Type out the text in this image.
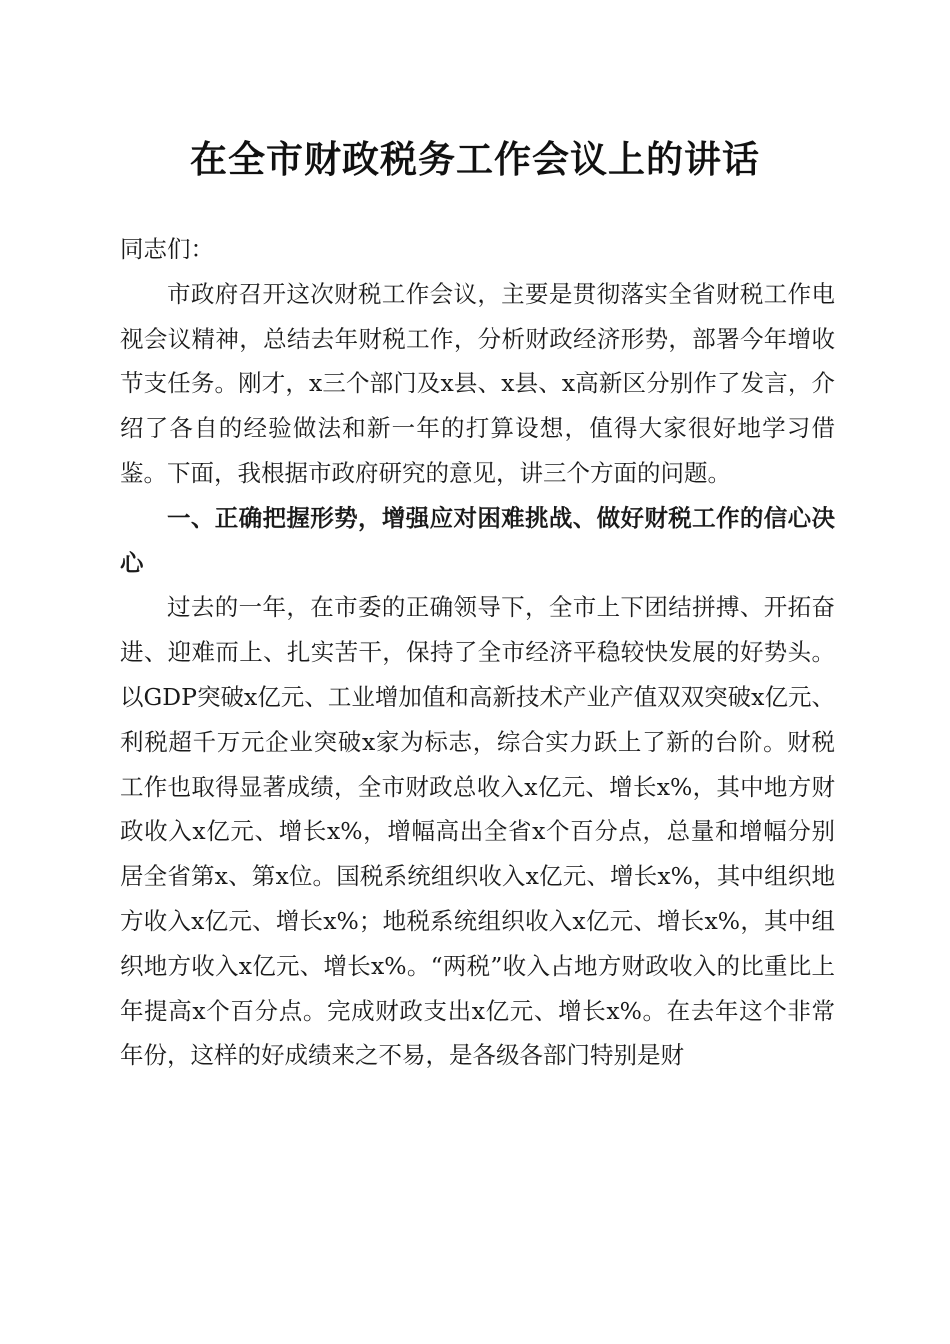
在全市财政税务工作会议上的讲话

同志们：

市政府召开这次财税工作会议，主要是贯彻落实全省财税工作电视会议精神，总结去年财税工作，分析财政经济形势，部署今年增收节支任务。刚才，x三个部门及x县、x县、x高新区分别作了发言，介绍了各自的经验做法和新一年的打算设想，值得大家很好地学习借鉴。下面，我根据市政府研究的意见，讲三个方面的问题。

一、正确把握形势，增强应对困难挑战、做好财税工作的信心决心

过去的一年，在市委的正确领导下，全市上下团结拼搏、开拓奋进、迎难而上、扎实苦干，保持了全市经济平稳较快发展的好势头。以GDP突破x亿元、工业增加值和高新技术产业产值双双突破x亿元、利税超千万元企业突破x家为标志，综合实力跃上了新的台阶。财税工作也取得显著成绩，全市财政总收入x亿元、增长x%，其中地方财政收入x亿元、增长x%，增幅高出全省x个百分点，总量和增幅分别居全省第x、第x位。国税系统组织收入x亿元、增长x%，其中组织地方收入x亿元、增长x%；地税系统组织收入x亿元、增长x%，其中组织地方收入x亿元、增长x%。“两税”收入占地方财政收入的比重比上年提高x个百分点。完成财政支出x亿元、增长x%。在去年这个非常年份，这样的好成绩来之不易，是各级各部门特别是财
